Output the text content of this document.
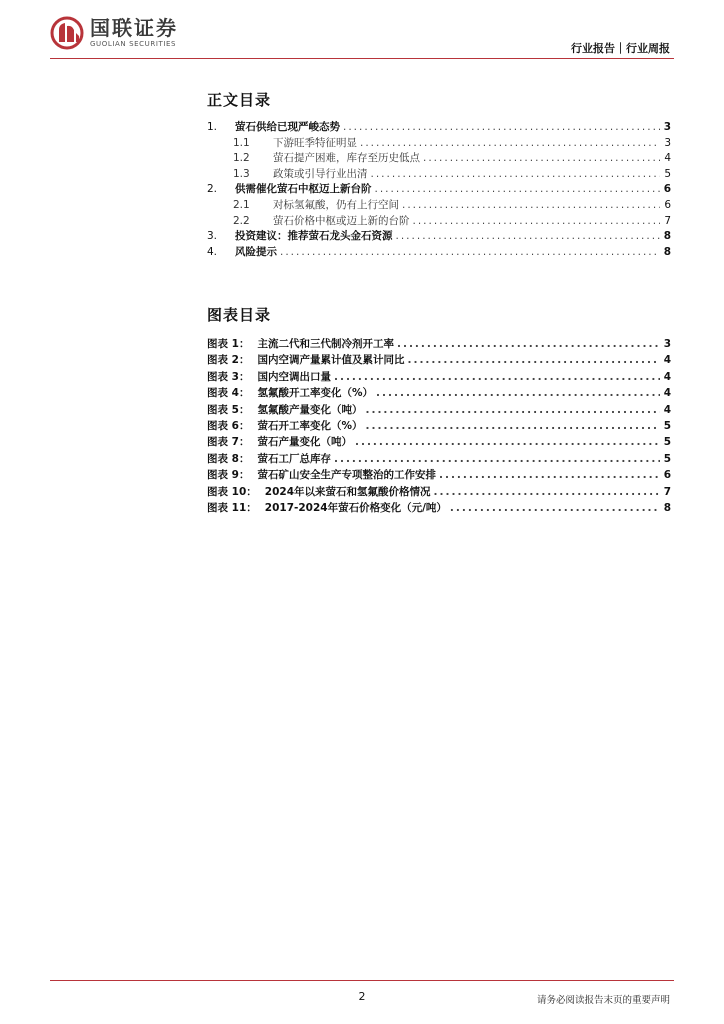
国联证券
GUOLIAN SECURITIES	行业报告｜行业周报
正文目录
1.	萤石供给已现严峻态势 .....	3
1.1	下游旺季特征明显 .....	3
1.2	萤石提产困难，库存至历史低点 .....	4
1.3	政策或引导行业出清 .....	5
2.	供需催化萤石中枢迈上新台阶 .....	6
2.1	对标氢氟酸，仍有上行空间 .....	6
2.2	萤石价格中枢或迈上新的台阶 .....	7
3.	投资建议：推荐萤石龙头金石资源 .....	8
4.	风险提示 .....	8
图表目录
图表 1： 主流二代和三代制冷剂开工率 .....	3
图表 2： 国内空调产量累计值及累计同比 .....	4
图表 3： 国内空调出口量 .....	4
图表 4： 氢氟酸开工率变化（%） .....	4
图表 5： 氢氟酸产量变化（吨） .....	4
图表 6： 萤石开工率变化（%） .....	5
图表 7： 萤石产量变化（吨） .....	5
图表 8： 萤石工厂总库存 .....	5
图表 9： 萤石矿山安全生产专项整治的工作安排 .....	6
图表 10： 2024年以来萤石和氢氟酸价格情况 .....	7
图表 11： 2017-2024年萤石价格变化（元/吨） .....	8
2	请务必阅读报告末页的重要声明
